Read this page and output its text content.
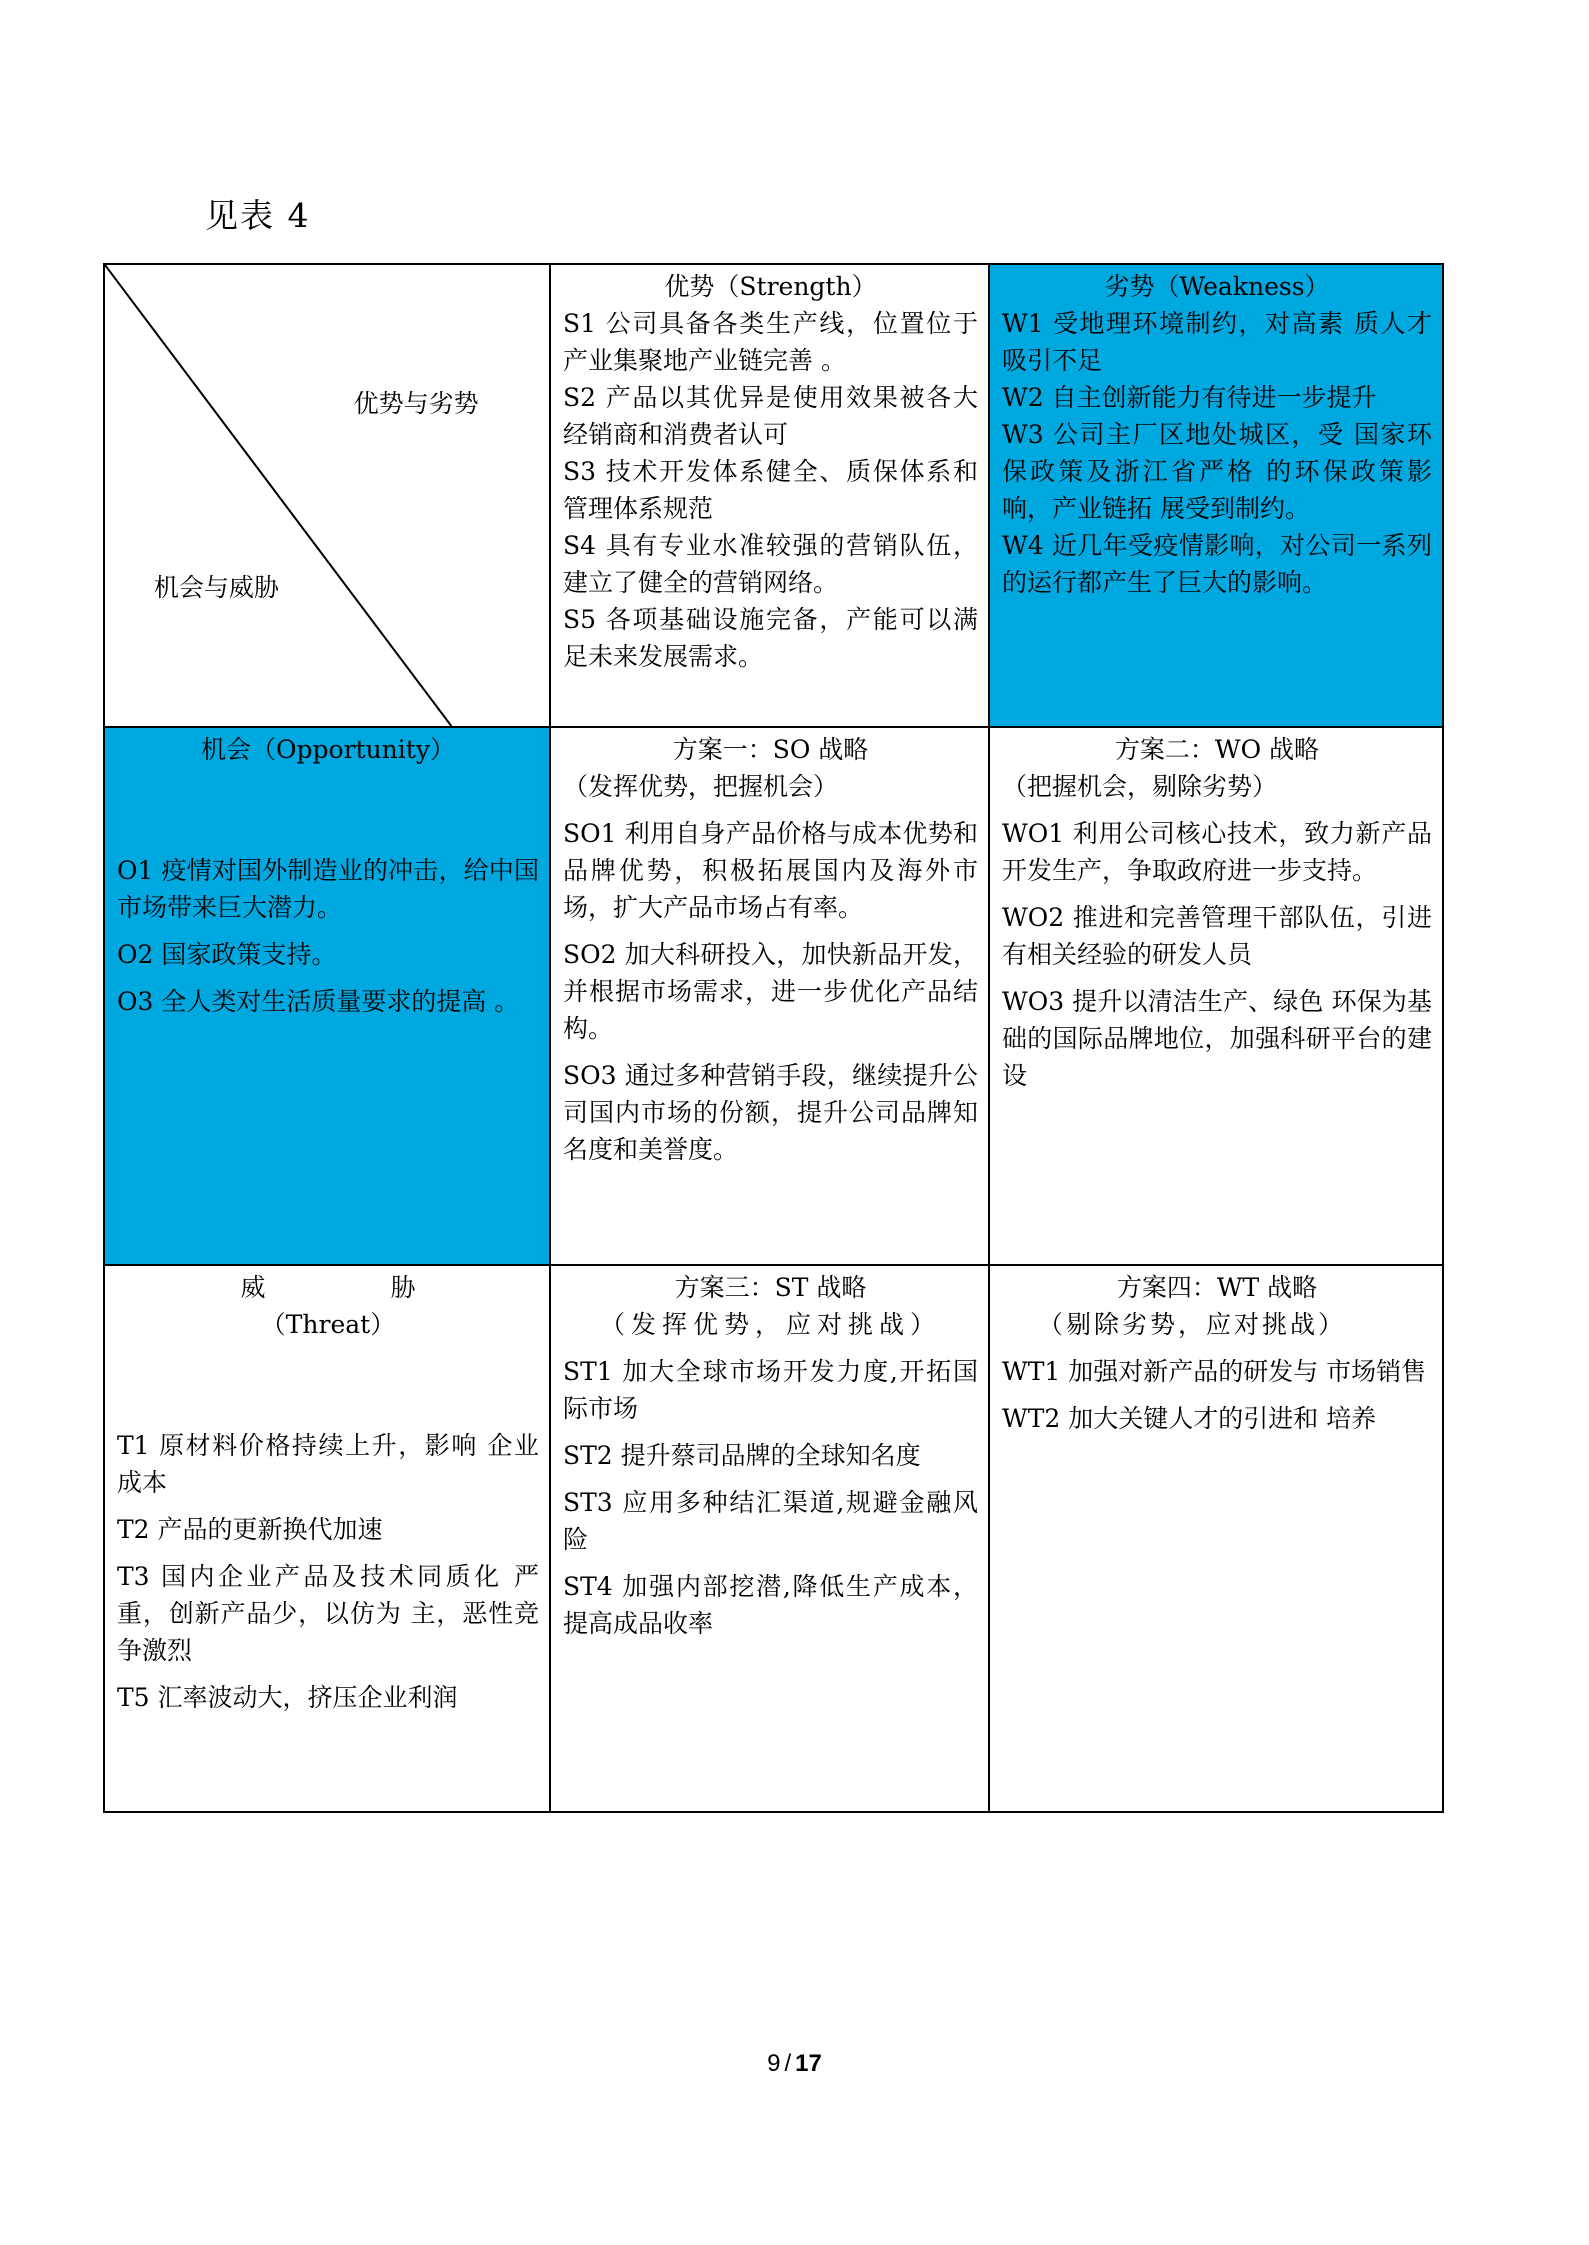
见表 4
优势与劣势
机会与威胁
优势（Strength）
S1 公司具备各类生产线，位置位于产业集聚地产业链完善 。
S2 产品以其优异是使用效果被各大经销商和消费者认可
S3 技术开发体系健全、质保体系和管理体系规范
S4 具有专业水准较强的营销队伍，建立了健全的营销网络。
S5 各项基础设施完备，产能可以满足未来发展需求。
劣势（Weakness）
W1 受地理环境制约，对高素 质人才吸引不足
W2 自主创新能力有待进一步提升
W3 公司主厂区地处城区，受 国家环保政策及浙江省严格 的环保政策影响，产业链拓 展受到制约。
W4 近几年受疫情影响，对公司一系列的运行都产生了巨大的影响。
机会（Opportunity）
O1 疫情对国外制造业的冲击，给中国市场带来巨大潜力。
O2 国家政策支持。
O3 全人类对生活质量要求的提高 。
方案一：SO 战略
（发挥优势，把握机会）
SO1 利用自身产品价格与成本优势和品牌优势，积极拓展国内及海外市场，扩大产品市场占有率。
SO2 加大科研投入，加快新品开发，并根据市场需求，进一步优化产品结构。
SO3 通过多种营销手段，继续提升公司国内市场的份额，提升公司品牌知名度和美誉度。
方案二：WO 战略
（把握机会，剔除劣势）
WO1 利用公司核心技术，致力新产品开发生产，争取政府进一步支持。
WO2 推进和完善管理干部队伍，引进有相关经验的研发人员
WO3 提升以清洁生产、绿色 环保为基础的国际品牌地位，加强科研平台的建设
威　　　　　胁
（Threat）
T1 原材料价格持续上升，影响 企业成本
T2 产品的更新换代加速
T3 国内企业产品及技术同质化 严重，创新产品少，以仿为 主，恶性竞争激烈
T5 汇率波动大，挤压企业利润
方案三：ST 战略
（发挥优势，应对挑战）
ST1 加大全球市场开发力度,开拓国际市场
ST2 提升蔡司品牌的全球知名度
ST3 应用多种结汇渠道,规避金融风险
ST4 加强内部挖潜,降低生产成本，提高成品收率
方案四：WT 战略
（剔除劣势，应对挑战）
WT1 加强对新产品的研发与 市场销售
WT2 加大关键人才的引进和 培养
9 / 17
